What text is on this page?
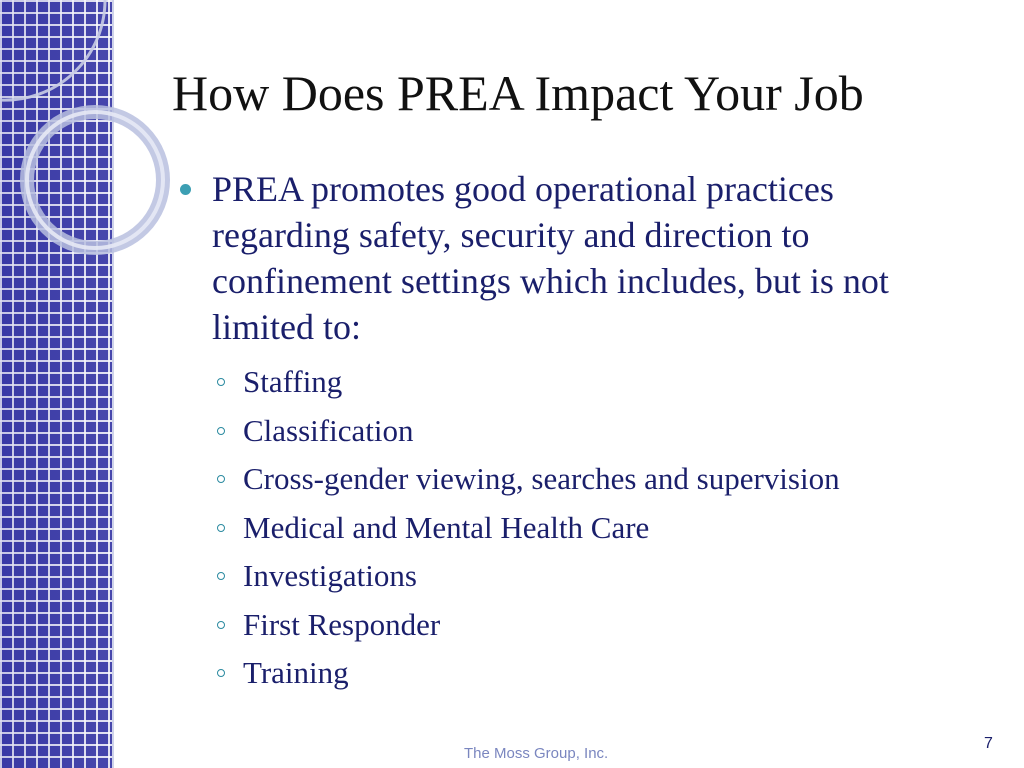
How Does PREA Impact Your Job
PREA promotes good operational practices regarding safety, security and direction to confinement settings which includes, but is not limited to:
Staffing
Classification
Cross-gender viewing, searches and supervision
Medical and Mental Health Care
Investigations
First Responder
Training
The Moss Group, Inc.
7
